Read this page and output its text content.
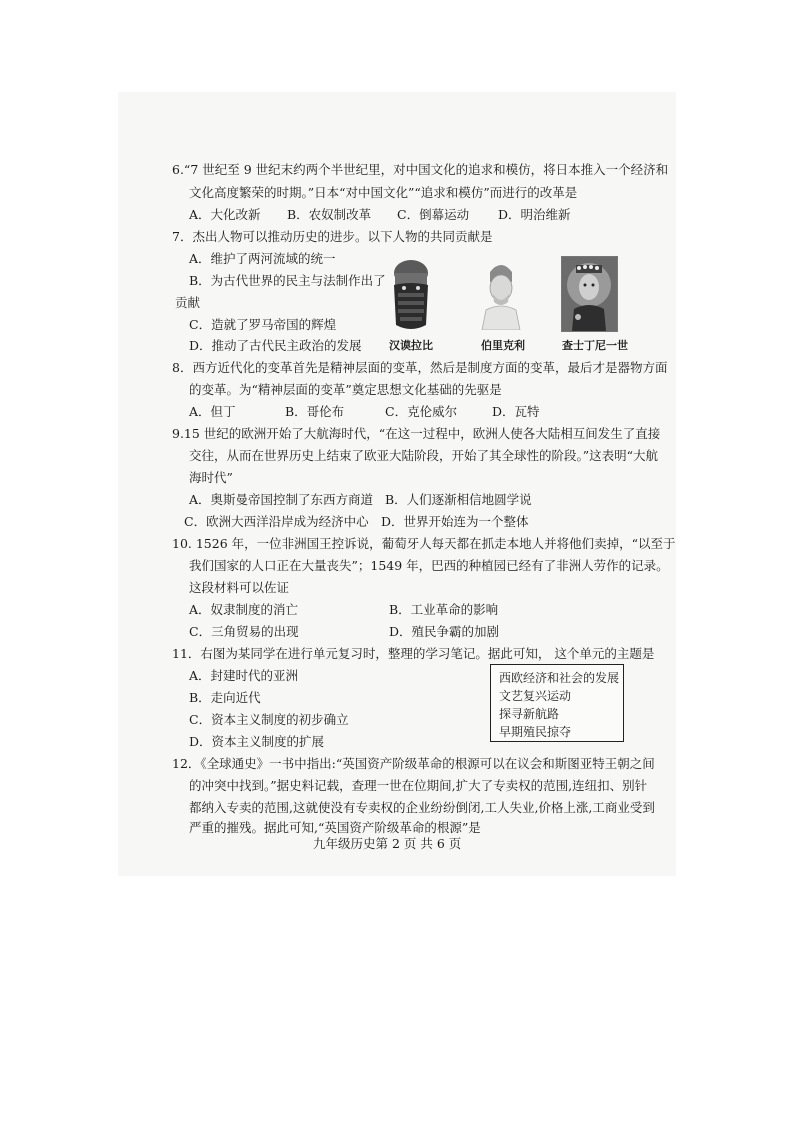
6.“7 世纪至 9 世纪末约两个半世纪里，对中国文化的追求和模仿，将日本推入一个经济和
文化高度繁荣的时期。”日本“对中国文化”“追求和模仿”而进行的改革是
A．大化改新 B．农奴制改革 C．倒幕运动 D．明治维新
7．杰出人物可以推动历史的进步。以下人物的共同贡献是
A．维护了两河流域的统一
B．为古代世界的民主与法制作出了
贡献
C．造就了罗马帝国的辉煌
D．推动了古代民主政治的发展 汉谟拉比	伯里克利	查士丁尼一世
8．西方近代化的变革首先是精神层面的变革，然后是制度方面的变革，最后才是器物方面
的变革。为“精神层面的变革”奠定思想文化基础的先驱是
A．但丁	B．哥伦布	C．克伦威尔	D．瓦特
9.15 世纪的欧洲开始了大航海时代，“在这一过程中，欧洲人使各大陆相互间发生了直接
交往，从而在世界历史上结束了欧亚大陆阶段，开始了其全球性的阶段。”这表明“大航
海时代”
A．奥斯曼帝国控制了东西方商道 B．人们逐渐相信地圆学说
C．欧洲大西洋沿岸成为经济中心 D．世界开始连为一个整体
10. 1526 年，一位非洲国王控诉说，葡萄牙人每天都在抓走本地人并将他们卖掉，“以至于
我们国家的人口正在大量丧失”；1549 年，巴西的种植园已经有了非洲人劳作的记录。
这段材料可以佐证
A．奴隶制度的消亡	B．工业革命的影响
C．三角贸易的出现	D．殖民争霸的加剧
11．右图为某同学在进行单元复习时，整理的学习笔记。据此可知， 这个单元的主题是
A．封建时代的亚洲
B．走向近代
C．资本主义制度的初步确立
D．资本主义制度的扩展
西欧经济和社会的发展
文艺复兴运动
探寻新航路
早期殖民掠夺
12．《全球通史》一书中指出:“英国资产阶级革命的根源可以在议会和斯图亚特王朝之间
的冲突中找到。”据史料记载，查理一世在位期间,扩大了专卖权的范围,连纽扣、别针
都纳入专卖的范围,这就使没有专卖权的企业纷纷倒闭,工人失业,价格上涨,工商业受到
严重的摧残。据此可知,“英国资产阶级革命的根源”是
九年级历史第 2 页 共 6 页
